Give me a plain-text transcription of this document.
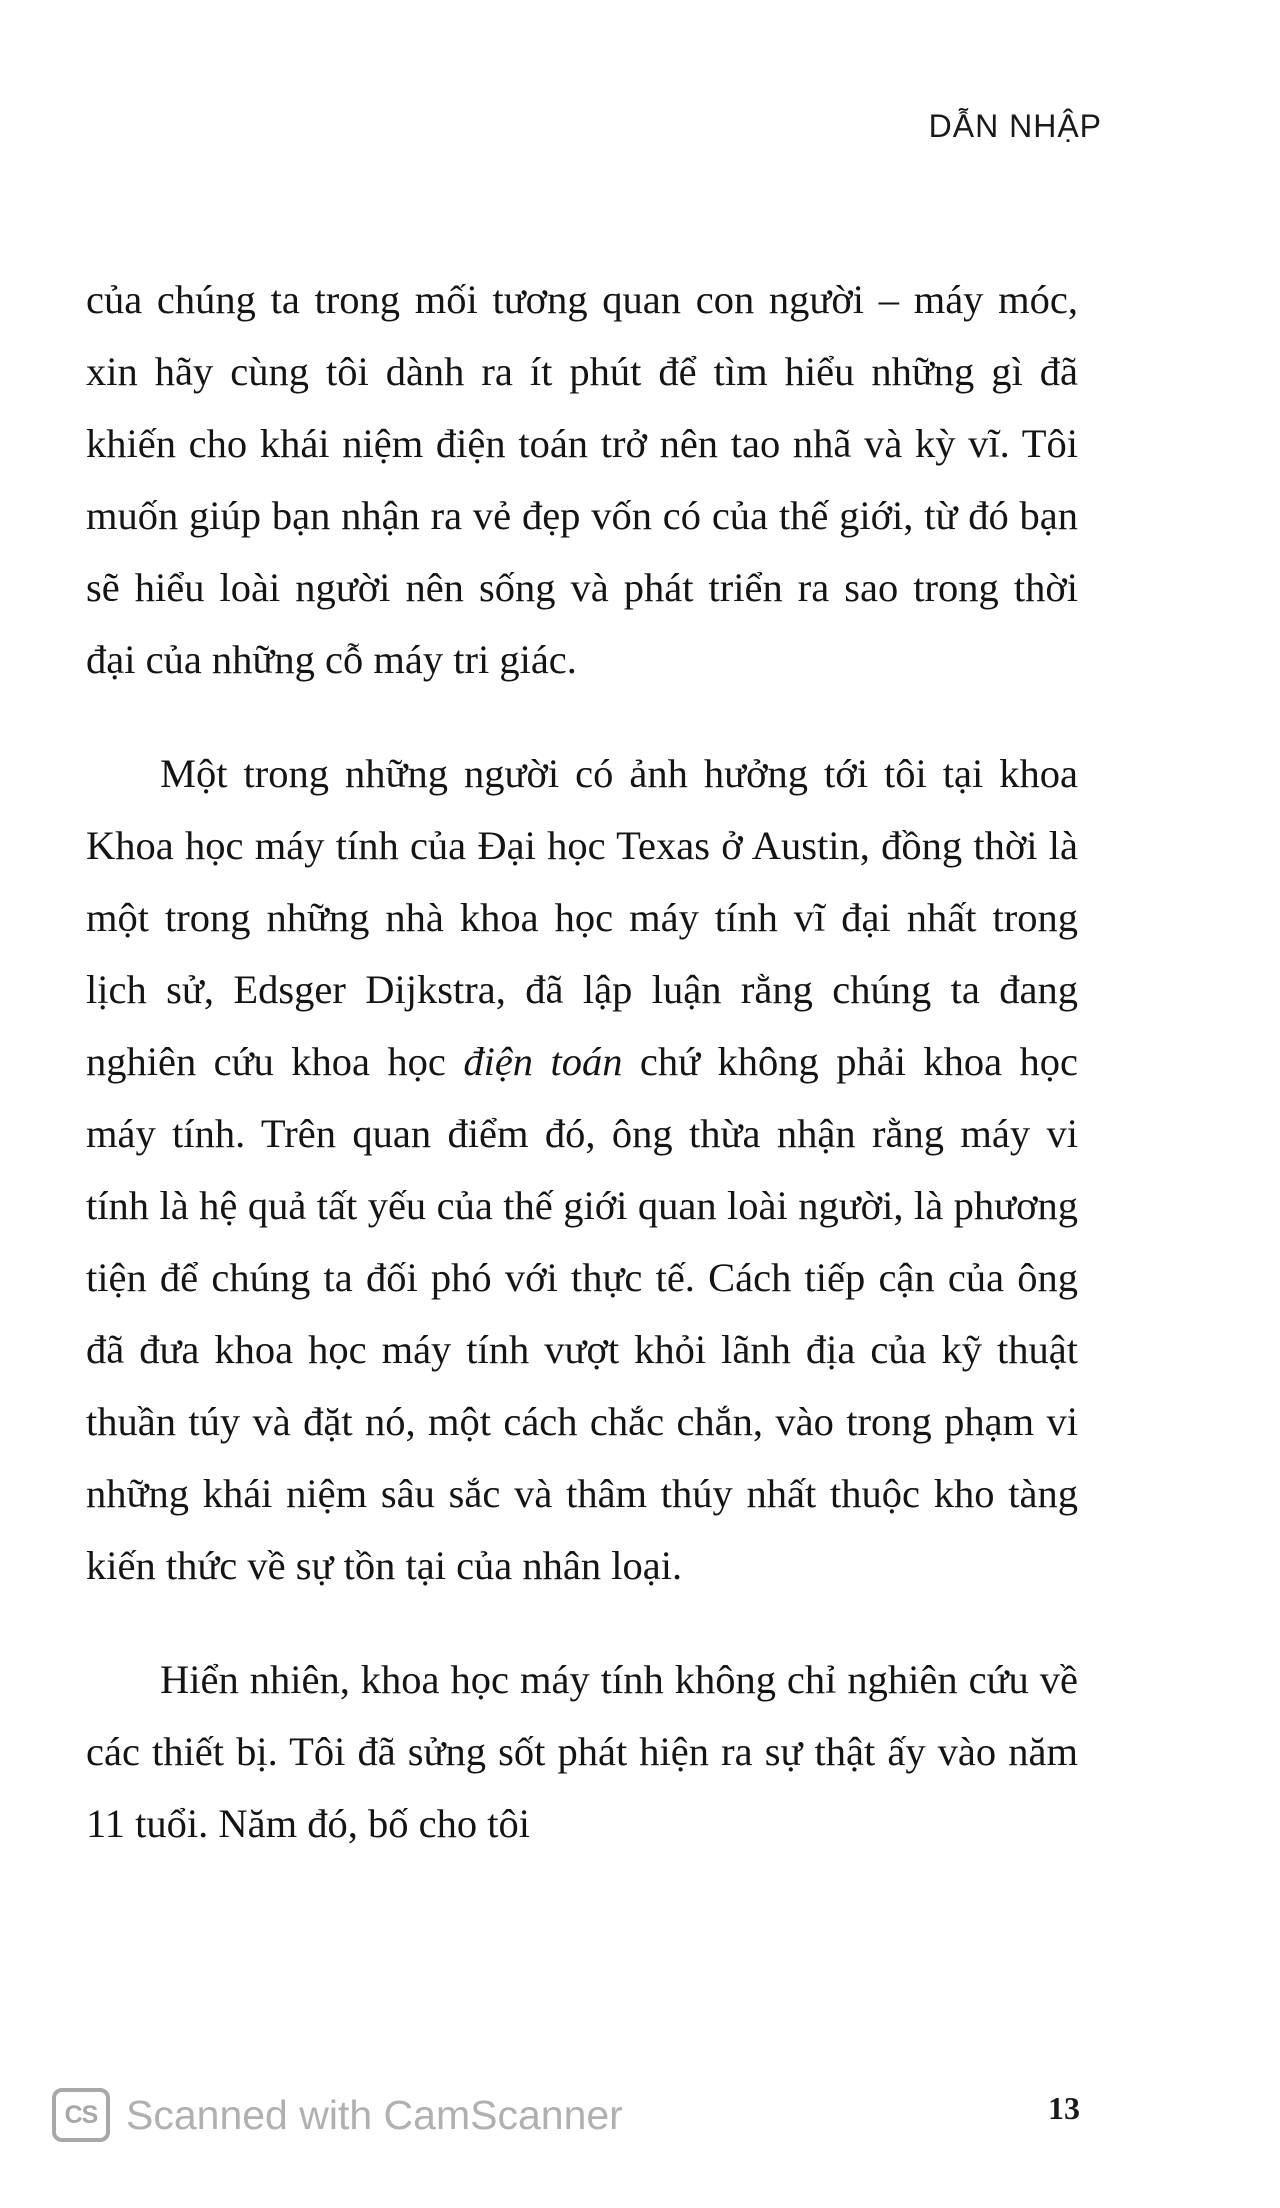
DẪN NHẬP

của chúng ta trong mối tương quan con người – máy móc, xin hãy cùng tôi dành ra ít phút để tìm hiểu những gì đã khiến cho khái niệm điện toán trở nên tao nhã và kỳ vĩ. Tôi muốn giúp bạn nhận ra vẻ đẹp vốn có của thế giới, từ đó bạn sẽ hiểu loài người nên sống và phát triển ra sao trong thời đại của những cỗ máy tri giác.

Một trong những người có ảnh hưởng tới tôi tại khoa Khoa học máy tính của Đại học Texas ở Austin, đồng thời là một trong những nhà khoa học máy tính vĩ đại nhất trong lịch sử, Edsger Dijkstra, đã lập luận rằng chúng ta đang nghiên cứu khoa học điện toán chứ không phải khoa học máy tính. Trên quan điểm đó, ông thừa nhận rằng máy vi tính là hệ quả tất yếu của thế giới quan loài người, là phương tiện để chúng ta đối phó với thực tế. Cách tiếp cận của ông đã đưa khoa học máy tính vượt khỏi lãnh địa của kỹ thuật thuần túy và đặt nó, một cách chắc chắn, vào trong phạm vi những khái niệm sâu sắc và thâm thúy nhất thuộc kho tàng kiến thức về sự tồn tại của nhân loại.

Hiển nhiên, khoa học máy tính không chỉ nghiên cứu về các thiết bị. Tôi đã sửng sốt phát hiện ra sự thật ấy vào năm 11 tuổi. Năm đó, bố cho tôi

CS Scanned with CamScanner	13
